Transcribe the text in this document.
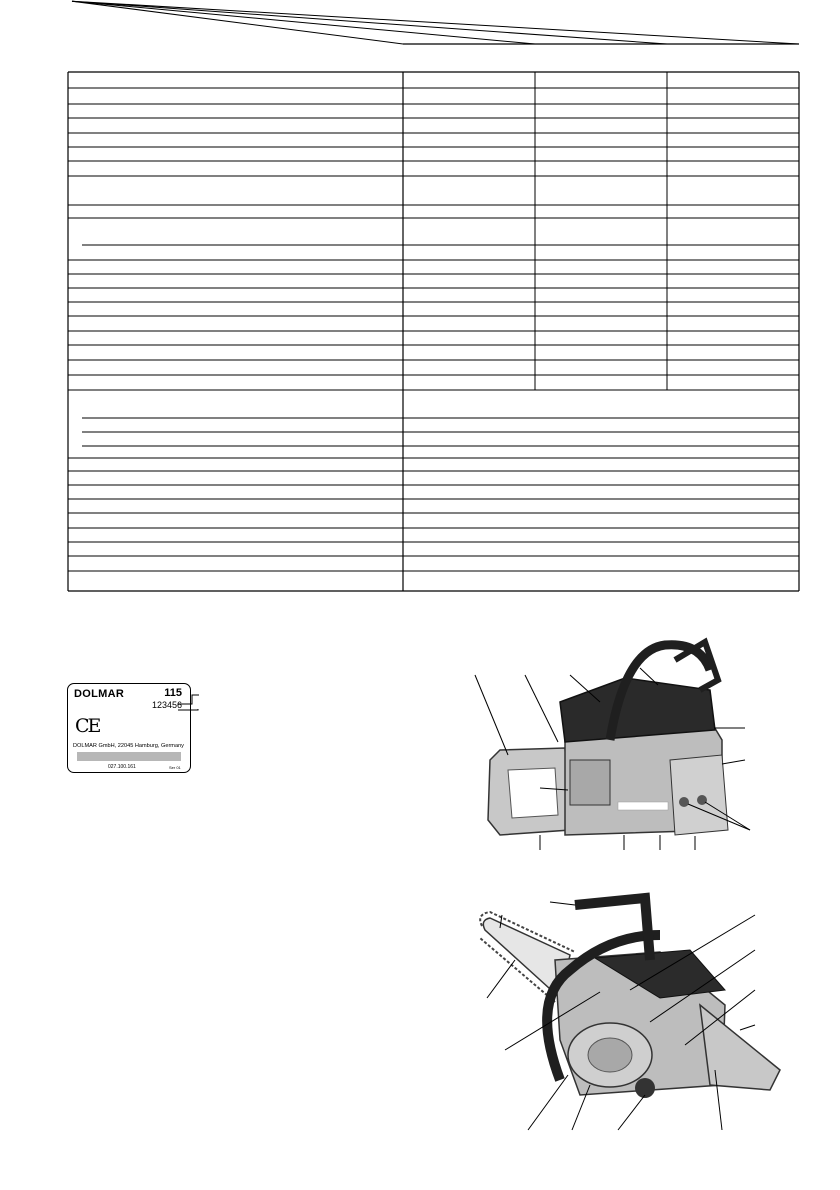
DOLMAR	115
123456
CE
DOLMAR GmbH, 22045 Hamburg, Germany
027.100.161	Ser 01
